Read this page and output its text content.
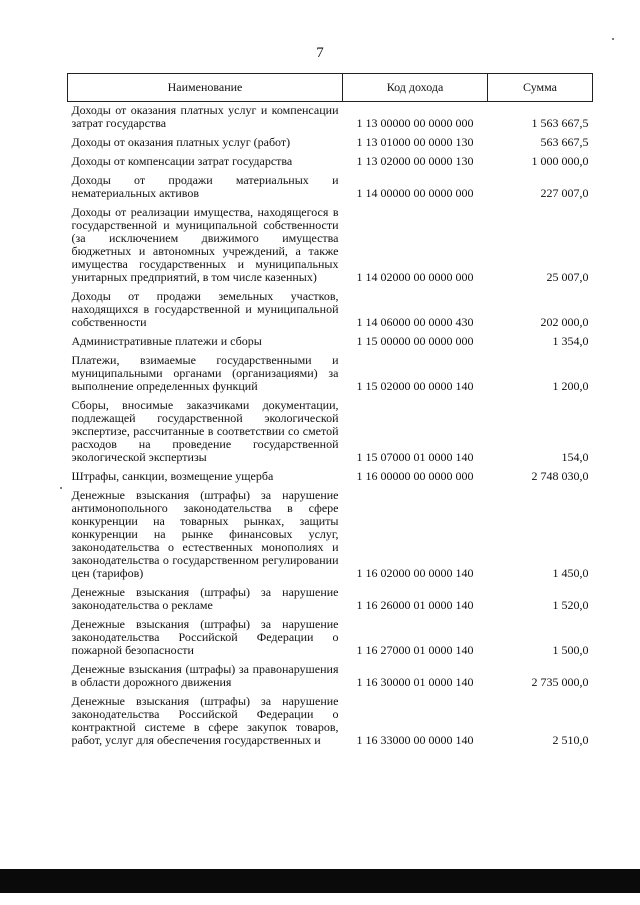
7
Наименование	Код дохода	Сумма
Доходы от оказания платных услуг и компенсации затрат государства	1 13 00000 00 0000 000	1 563 667,5
Доходы от оказания платных услуг (работ)	1 13 01000 00 0000 130	563 667,5
Доходы от компенсации затрат государства	1 13 02000 00 0000 130	1 000 000,0
Доходы от продажи материальных и нематериальных активов	1 14 00000 00 0000 000	227 007,0
Доходы от реализации имущества, находящегося в государственной и муниципальной собственности (за исключением движимого имущества бюджетных и автономных учреждений, а также имущества государственных и муниципальных унитарных предприятий, в том числе казенных)	1 14 02000 00 0000 000	25 007,0
Доходы от продажи земельных участков, находящихся в государственной и муниципальной собственности	1 14 06000 00 0000 430	202 000,0
Административные платежи и сборы	1 15 00000 00 0000 000	1 354,0
Платежи, взимаемые государственными и муниципальными органами (организациями) за выполнение определенных функций	1 15 02000 00 0000 140	1 200,0
Сборы, вносимые заказчиками документации, подлежащей государственной экологической экспертизе, рассчитанные в соответствии со сметой расходов на проведение государственной экологической экспертизы	1 15 07000 01 0000 140	154,0
Штрафы, санкции, возмещение ущерба	1 16 00000 00 0000 000	2 748 030,0
Денежные взыскания (штрафы) за нарушение антимонопольного законодательства в сфере конкуренции на товарных рынках, защиты конкуренции на рынке финансовых услуг, законодательства о естественных монополиях и законодательства о государственном регулировании цен (тарифов)	1 16 02000 00 0000 140	1 450,0
Денежные взыскания (штрафы) за нарушение законодательства о рекламе	1 16 26000 01 0000 140	1 520,0
Денежные взыскания (штрафы) за нарушение законодательства Российской Федерации о пожарной безопасности	1 16 27000 01 0000 140	1 500,0
Денежные взыскания (штрафы) за правонарушения в области дорожного движения	1 16 30000 01 0000 140	2 735 000,0
Денежные взыскания (штрафы) за нарушение законодательства Российской Федерации о контрактной системе в сфере закупок товаров, работ, услуг для обеспечения государственных и	1 16 33000 00 0000 140	2 510,0
